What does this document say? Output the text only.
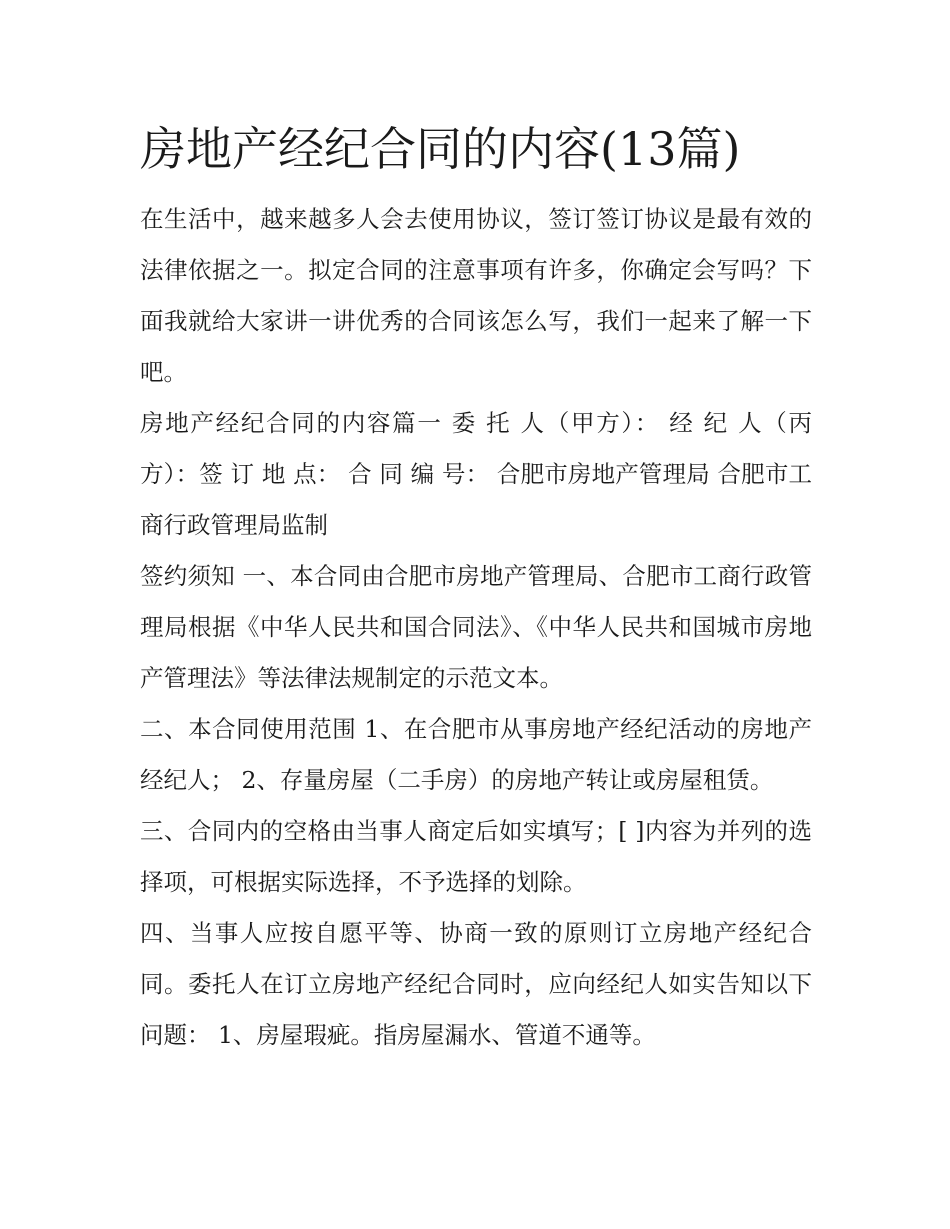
房地产经纪合同的内容(13篇)

在生活中，越来越多人会去使用协议，签订签订协议是最有效的法律依据之一。拟定合同的注意事项有许多，你确定会写吗？下面我就给大家讲一讲优秀的合同该怎么写，我们一起来了解一下吧。

房地产经纪合同的内容篇一 委 托 人（甲方）： 经 纪 人（丙方）：签 订 地 点： 合 同 编 号： 合肥市房地产管理局 合肥市工商行政管理局监制

签约须知 一、本合同由合肥市房地产管理局、合肥市工商行政管理局根据《中华人民共和国合同法》、《中华人民共和国城市房地产管理法》等法律法规制定的示范文本。

二、本合同使用范围 1、在合肥市从事房地产经纪活动的房地产经纪人； 2、存量房屋（二手房）的房地产转让或房屋租赁。

三、合同内的空格由当事人商定后如实填写；[ ]内容为并列的选择项，可根据实际选择，不予选择的划除。

四、当事人应按自愿平等、协商一致的原则订立房地产经纪合同。委托人在订立房地产经纪合同时，应向经纪人如实告知以下问题： 1、房屋瑕疵。指房屋漏水、管道不通等。
